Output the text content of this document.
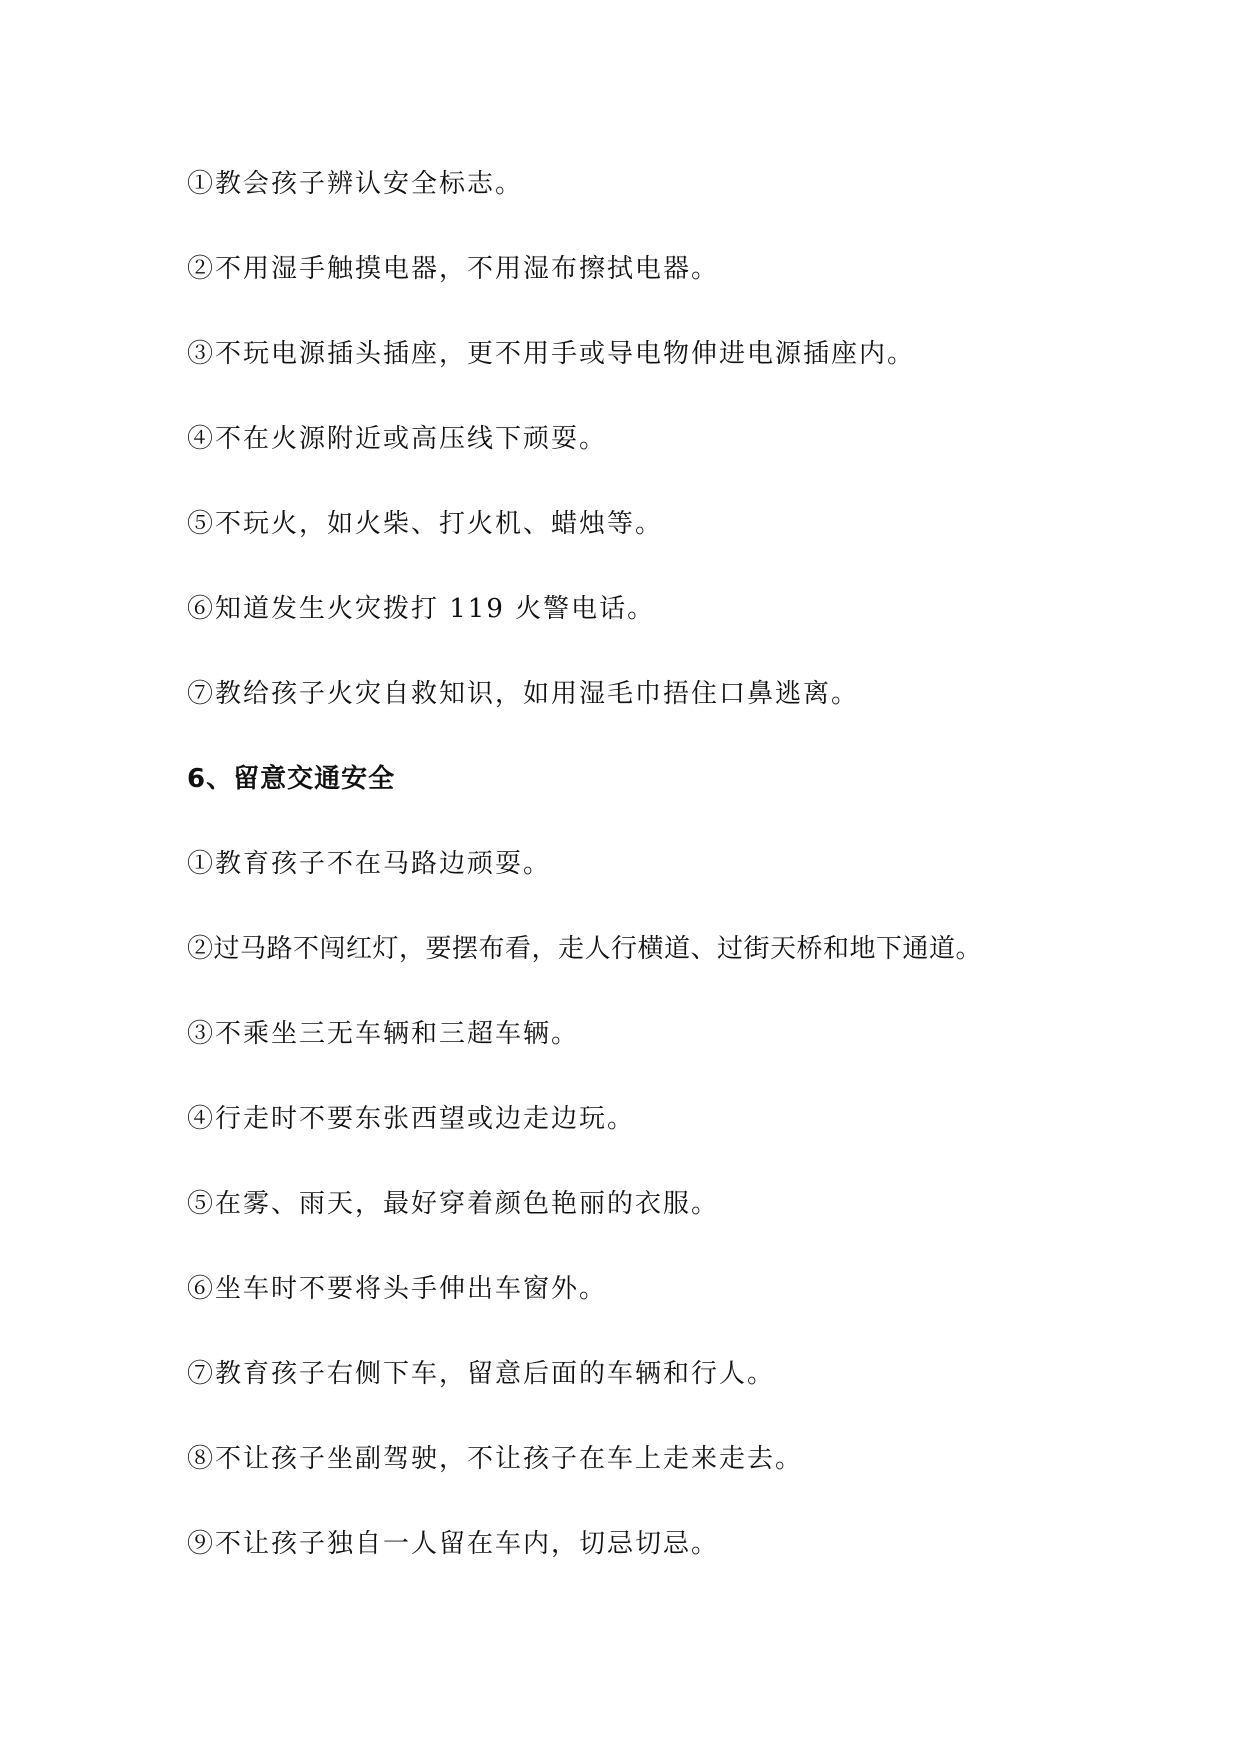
①教会孩子辨认安全标志。
②不用湿手触摸电器，不用湿布擦拭电器。
③不玩电源插头插座，更不用手或导电物伸进电源插座内。
④不在火源附近或高压线下顽耍。
⑤不玩火，如火柴、打火机、蜡烛等。
⑥知道发生火灾拨打 119 火警电话。
⑦教给孩子火灾自救知识，如用湿毛巾捂住口鼻逃离。
6、留意交通安全
①教育孩子不在马路边顽耍。
②过马路不闯红灯，要摆布看，走人行横道、过街天桥和地下通道。
③不乘坐三无车辆和三超车辆。
④行走时不要东张西望或边走边玩。
⑤在雾、雨天，最好穿着颜色艳丽的衣服。
⑥坐车时不要将头手伸出车窗外。
⑦教育孩子右侧下车，留意后面的车辆和行人。
⑧不让孩子坐副驾驶，不让孩子在车上走来走去。
⑨不让孩子独自一人留在车内，切忌切忌。
